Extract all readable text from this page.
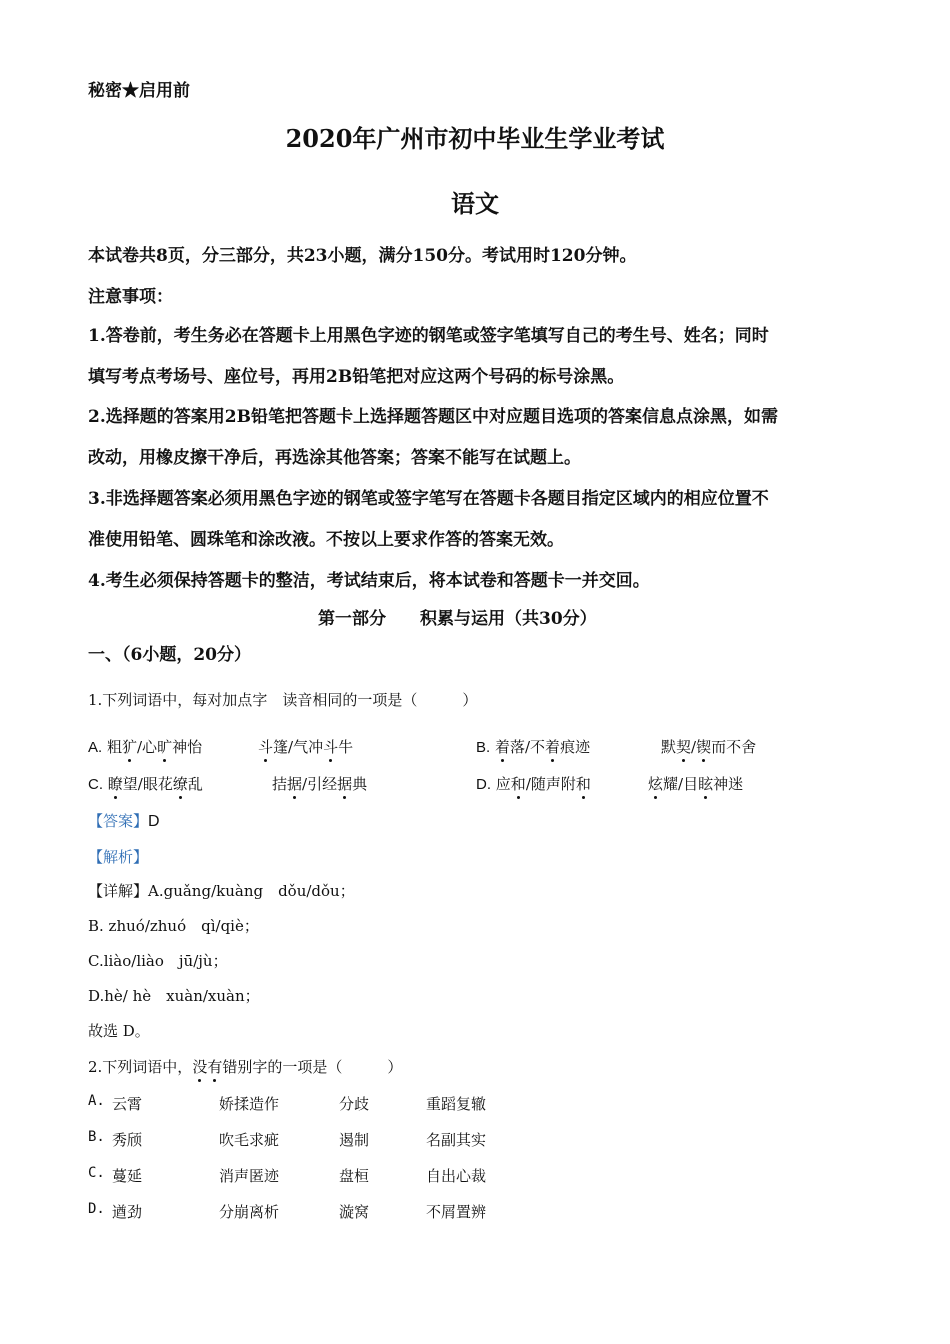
秘密★启用前
2020年广州市初中毕业生学业考试
语文
本试卷共8页，分三部分，共23小题，满分150分。考试用时120分钟。
注意事项：
1.答卷前，考生务必在答题卡上用黑色字迹的钢笔或签字笔填写自己的考生号、姓名；同时
填写考点考场号、座位号，再用2B铅笔把对应这两个号码的标号涂黑。
2.选择题的答案用2B铅笔把答题卡上选择题答题区中对应题目选项的答案信息点涂黑，如需
改动，用橡皮擦干净后，再选涂其他答案；答案不能写在试题上。
3.非选择题答案必须用黑色字迹的钢笔或签字笔写在答题卡各题目指定区域内的相应位置不
准使用铅笔、圆珠笔和涂改液。不按以上要求作答的答案无效。
4.考生必须保持答题卡的整洁，考试结束后，将本试卷和答题卡一并交回。
第一部分　　积累与运用（共30分）
一、（6小题，20分）
1.下列词语中，每对加点字　读音相同的一项是（　　　）
A. 粗犷/心旷神怡	斗篷/气冲斗牛	B. 着落/不着痕迹	默契/锲而不舍
C. 瞭望/眼花缭乱	拮据/引经据典	D. 应和/随声附和	炫耀/目眩神迷
【答案】D
【解析】
【详解】A.guǎng/kuàng　dǒu/dǒu；
B. zhuó/zhuó　qì/qiè；
C.liào/liào　jū/jù；
D.hè/ hè　xuàn/xuàn；
故选 D。
2.下列词语中，没有错别字的一项是（　　　）
A. 云霄	娇揉造作	分歧	重蹈复辙
B. 秀颀	吹毛求疵	遏制	名副其实
C. 蔓延	消声匿迹	盘桓	自出心裁
D. 遒劲	分崩离析	漩窝	不屑置辨
